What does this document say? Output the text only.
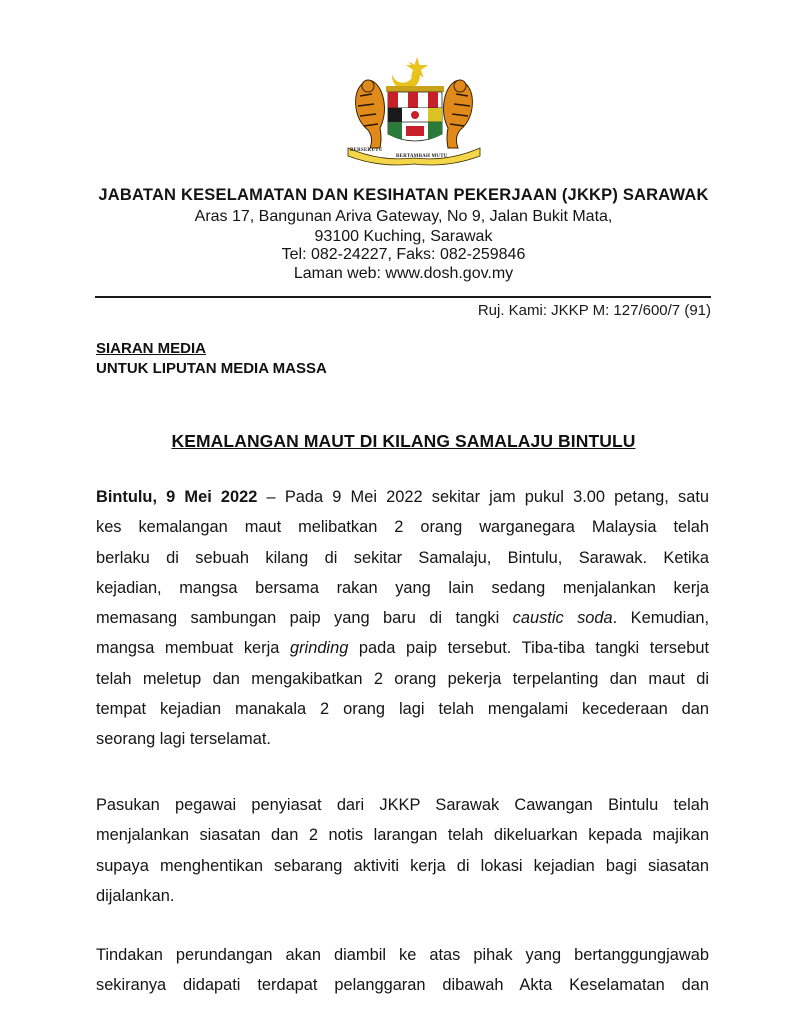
BERSEKUTU
BERTAMBAH MUTU
JABATAN KESELAMATAN DAN KESIHATAN PEKERJAAN (JKKP) SARAWAK
Aras 17, Bangunan Ariva Gateway, No 9, Jalan Bukit Mata,
93100 Kuching, Sarawak
Tel: 082-24227, Faks: 082-259846
Laman web: www.dosh.gov.my
Ruj. Kami: JKKP M: 127/600/7 (91)
SIARAN MEDIA
UNTUK LIPUTAN MEDIA MASSA
KEMALANGAN MAUT DI KILANG SAMALAJU BINTULU
Bintulu, 9 Mei 2022 – Pada 9 Mei 2022 sekitar jam pukul 3.00 petang, satu
kes kemalangan maut melibatkan 2 orang warganegara Malaysia telah
berlaku di sebuah kilang di sekitar Samalaju, Bintulu, Sarawak. Ketika
kejadian, mangsa bersama rakan yang lain sedang menjalankan kerja
memasang sambungan paip yang baru di tangki caustic soda. Kemudian,
mangsa membuat kerja grinding pada paip tersebut. Tiba-tiba tangki tersebut
telah meletup dan mengakibatkan 2 orang pekerja terpelanting dan maut di
tempat kejadian manakala 2 orang lagi telah mengalami kecederaan dan
seorang lagi terselamat.
Pasukan pegawai penyiasat dari JKKP Sarawak Cawangan Bintulu telah
menjalankan siasatan dan 2 notis larangan telah dikeluarkan kepada majikan
supaya menghentikan sebarang aktiviti kerja di lokasi kejadian bagi siasatan
dijalankan.
Tindakan perundangan akan diambil ke atas pihak yang bertanggungjawab
sekiranya didapati terdapat pelanggaran dibawah Akta Keselamatan dan
